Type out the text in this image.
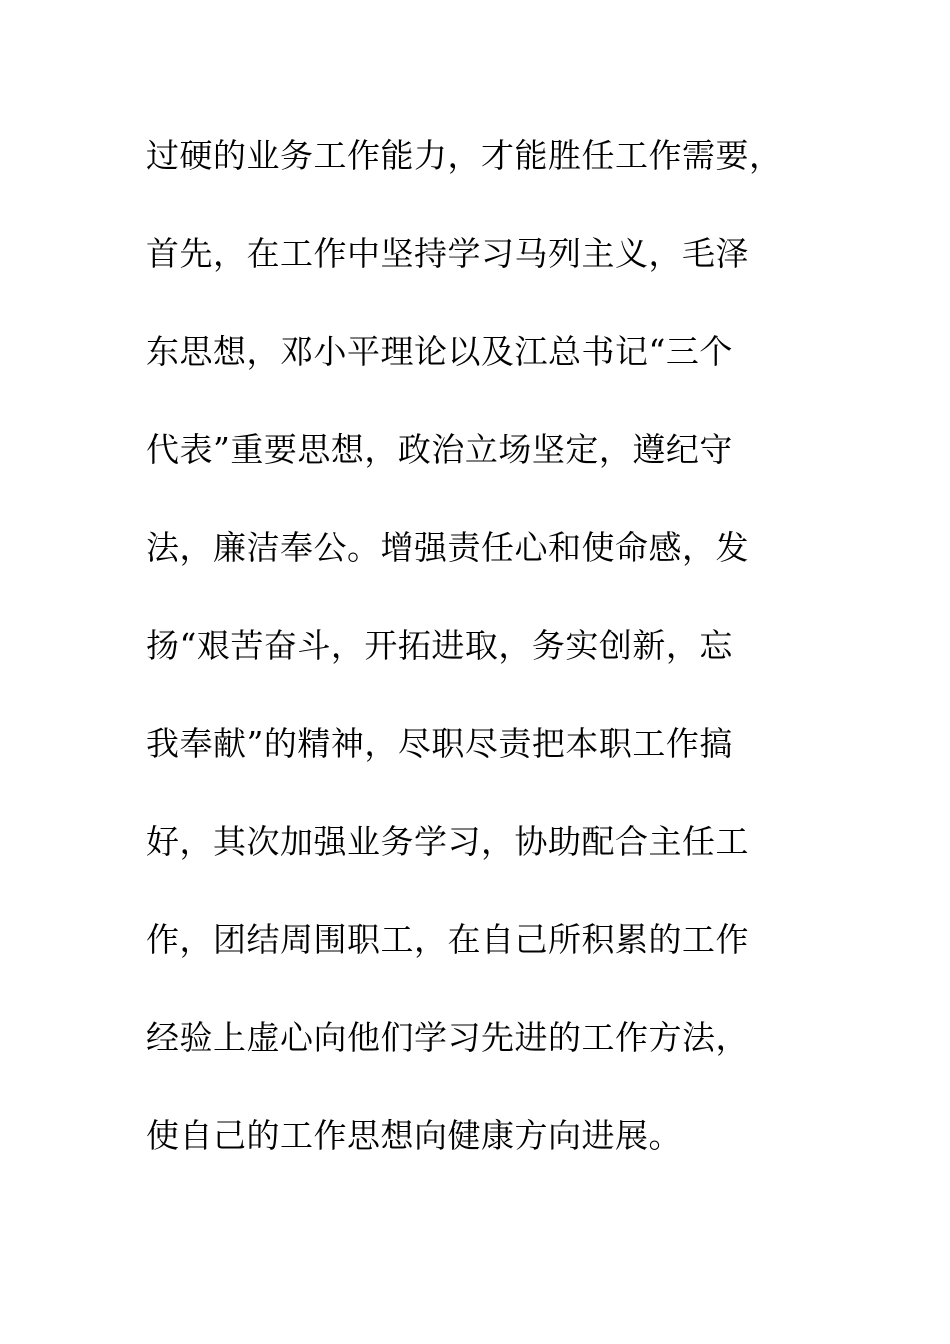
过硬的业务工作能力，才能胜任工作需要，
首先，在工作中坚持学习马列主义，毛泽
东思想，邓小平理论以及江总书记“三个
代表”重要思想，政治立场坚定，遵纪守
法，廉洁奉公。增强责任心和使命感，发
扬“艰苦奋斗，开拓进取，务实创新，忘
我奉献”的精神，尽职尽责把本职工作搞
好，其次加强业务学习，协助配合主任工
作，团结周围职工，在自己所积累的工作
经验上虚心向他们学习先进的工作方法，
使自己的工作思想向健康方向进展。
